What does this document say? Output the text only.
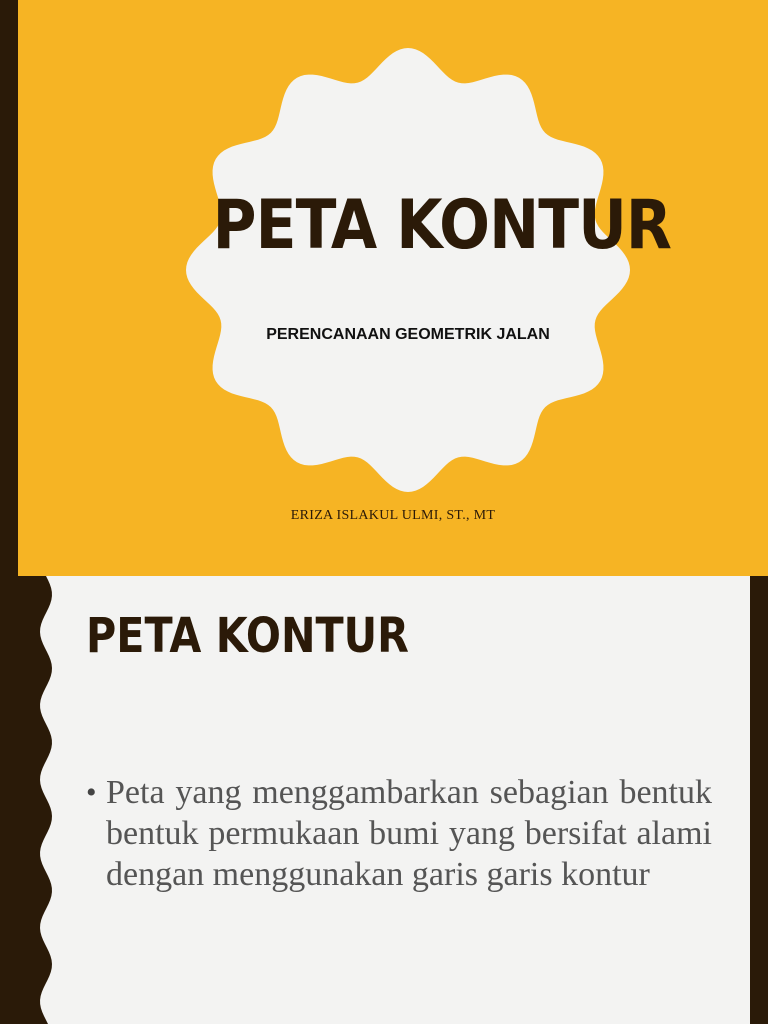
PETA KONTUR
PERENCANAAN GEOMETRIK JALAN
ERIZA ISLAKUL ULMI, ST., MT
PETA KONTUR
• Peta yang menggambarkan sebagian bentuk bentuk permukaan bumi yang bersifat alami dengan menggunakan garis garis kontur
